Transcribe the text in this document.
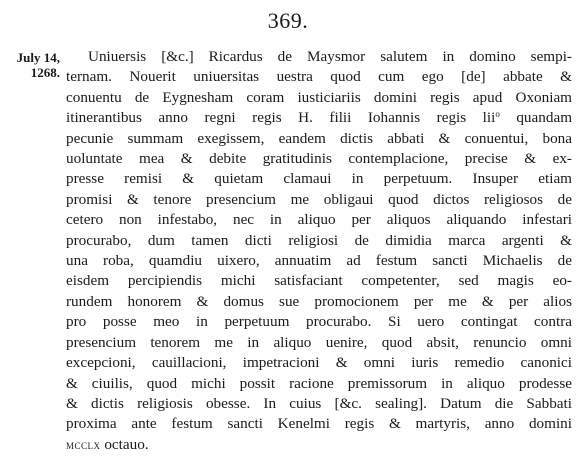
369.
July 14,
1268.
Uniuersis [&c.] Ricardus de Maysmor salutem in domino sempi-
ternam. Nouerit uniuersitas uestra quod cum ego [de] abbate &
conuentu de Eygnesham coram iusticiariis domini regis apud Oxoniam
itinerantibus anno regni regis H. filii Iohannis regis lii$^o$ quandam
pecunie summam exegissem, eandem dictis abbati & conuentui, bona
uoluntate mea & debite gratitudinis contemplacione, precise & ex-
presse remisi & quietam clamaui in perpetuum. Insuper etiam
promisi & tenore presencium me obligaui quod dictos religiosos de
cetero non infestabo, nec in aliquo per aliquos aliquando infestari
procurabo, dum tamen dicti religiosi de dimidia marca argenti &
una roba, quamdiu uixero, annuatim ad festum sancti Michaelis de
eisdem percipiendis michi satisfaciant competenter, sed magis eo-
rundem honorem & domus sue promocionem per me & per alios
pro posse meo in perpetuum procurabo. Si uero contingat contra
presencium tenorem me in aliquo uenire, quod absit, renuncio omni
excepcioni, cauillacioni, impetracioni & omni iuris remedio canonici
& ciuilis, quod michi possit racione premissorum in aliquo prodesse
& dictis religiosis obesse. In cuius [&c. sealing]. Datum die Sabbati
proxima ante festum sancti Kenelmi regis & martyris, anno domini
mcclx octauo.
